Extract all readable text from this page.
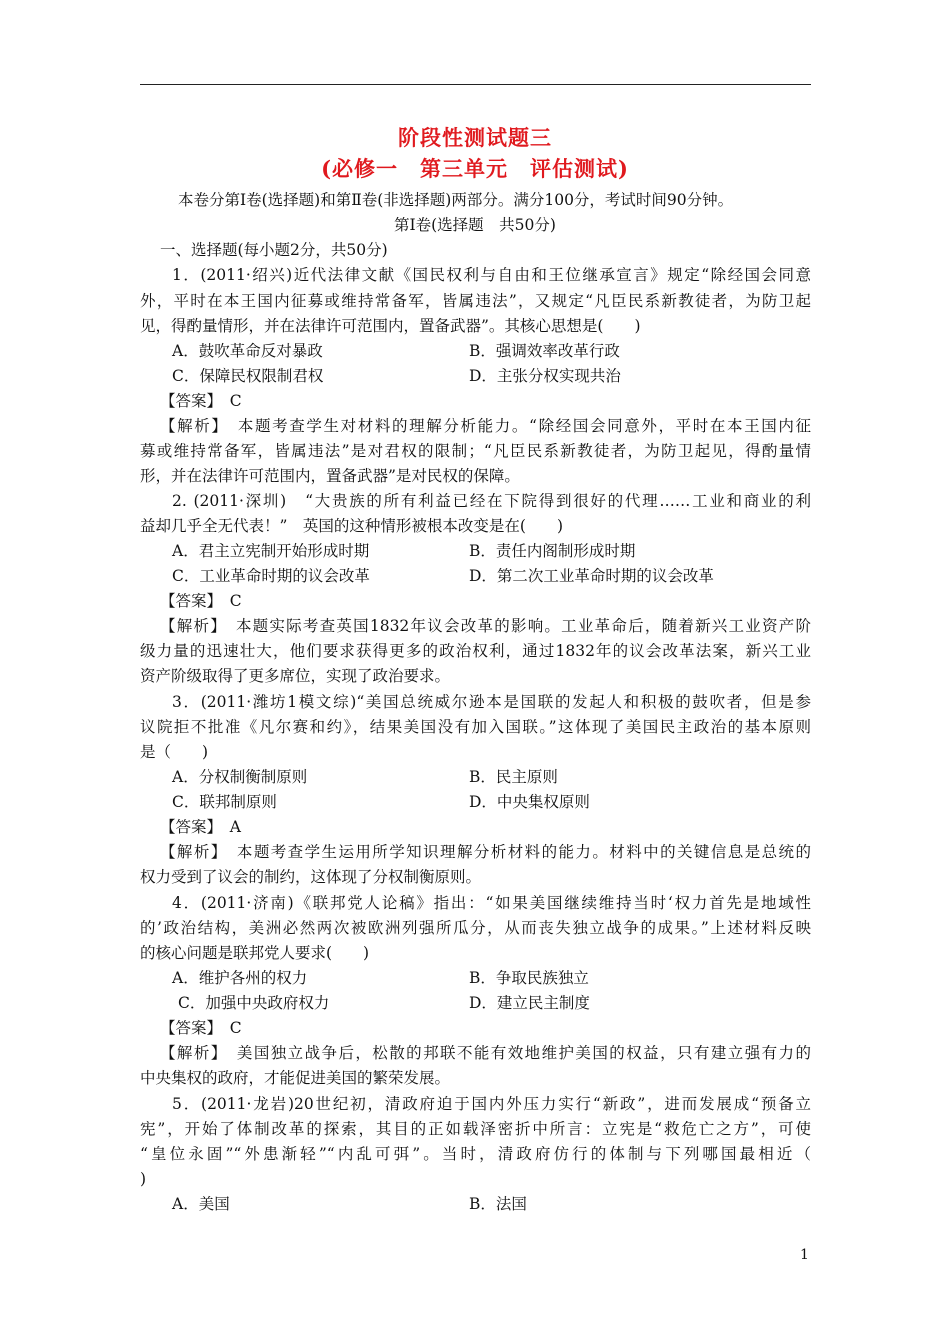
阶段性测试题三
(必修一　第三单元　评估测试)
本卷分第Ⅰ卷(选择题)和第Ⅱ卷(非选择题)两部分。满分100分，考试时间90分钟。
第Ⅰ卷(选择题　共50分)
一、选择题(每小题2分，共50分)
1．(2011·绍兴)近代法律文献《国民权利与自由和王位继承宣言》规定“除经国会同意
外，平时在本王国内征募或维持常备军，皆属违法”，又规定“凡臣民系新教徒者，为防卫起
见，得酌量情形，并在法律许可范围内，置备武器”。其核心思想是(　　)
A．鼓吹革命反对暴政	B．强调效率改革行政
C．保障民权限制君权	D．主张分权实现共治
【答案】　C
【解析】　本题考查学生对材料的理解分析能力。“除经国会同意外，平时在本王国内征
募或维持常备军，皆属违法”是对君权的限制；“凡臣民系新教徒者，为防卫起见，得酌量情
形，并在法律许可范围内，置备武器”是对民权的保障。
2. (2011·深圳)　“大贵族的所有利益已经在下院得到很好的代理……工业和商业的利
益却几乎全无代表！”　英国的这种情形被根本改变是在(　　)
A．君主立宪制开始形成时期	B．责任内阁制形成时期
C．工业革命时期的议会改革	D．第二次工业革命时期的议会改革
【答案】　C
【解析】　本题实际考查英国1832年议会改革的影响。工业革命后，随着新兴工业资产阶
级力量的迅速壮大，他们要求获得更多的政治权利，通过1832年的议会改革法案，新兴工业
资产阶级取得了更多席位，实现了政治要求。
3．(2011·潍坊1模文综)“美国总统威尔逊本是国联的发起人和积极的鼓吹者，但是参
议院拒不批准《凡尔赛和约》，结果美国没有加入国联。”这体现了美国民主政治的基本原则
是（　　)
A．分权制衡制原则	B．民主原则
C．联邦制原则	D．中央集权原则
【答案】　A
【解析】　本题考查学生运用所学知识理解分析材料的能力。材料中的关键信息是总统的
权力受到了议会的制约，这体现了分权制衡原则。
4．(2011·济南)《联邦党人论稿》指出：“如果美国继续维持当时‘权力首先是地域性
的’政治结构，美洲必然两次被欧洲列强所瓜分，从而丧失独立战争的成果。”上述材料反映
的核心问题是联邦党人要求(　　)
A．维护各州的权力	B．争取民族独立
C．加强中央政府权力	D．建立民主制度
【答案】　C
【解析】　美国独立战争后，松散的邦联不能有效地维护美国的权益，只有建立强有力的
中央集权的政府，才能促进美国的繁荣发展。
5．(2011·龙岩)20世纪初，清政府迫于国内外压力实行“新政”，进而发展成“预备立
宪”，开始了体制改革的探索，其目的正如载泽密折中所言：立宪是“救危亡之方”，可使
“皇位永固”“外患渐轻”“内乱可弭”。当时，清政府仿行的体制与下列哪国最相近（
)
A．美国	B．法国
1
